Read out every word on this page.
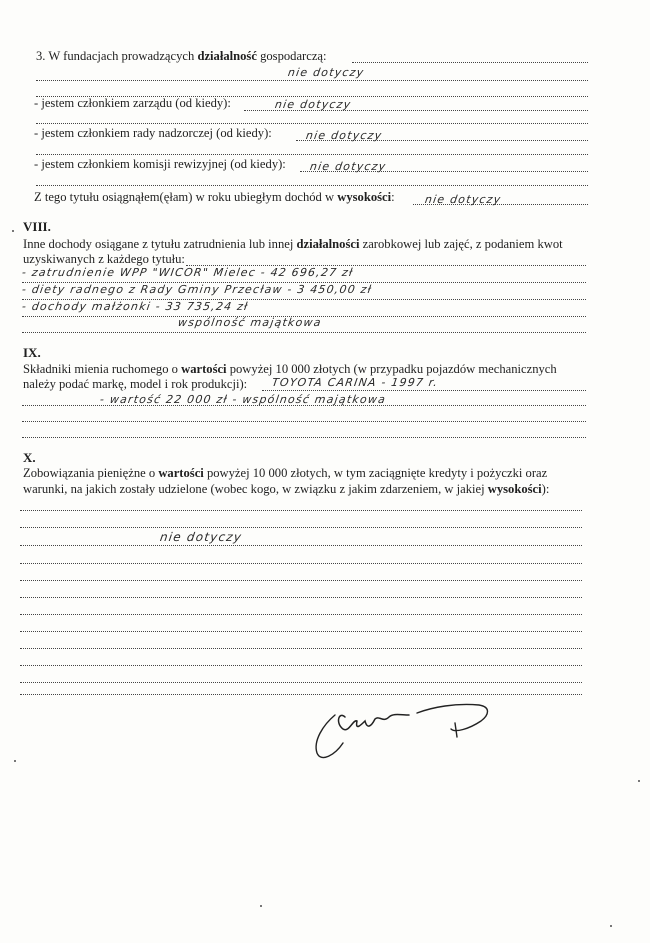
3. W fundacjach prowadzących działalność gospodarczą:
nie dotyczy
- jestem członkiem zarządu (od kiedy):	nie dotyczy
- jestem członkiem rady nadzorczej (od kiedy):	nie dotyczy
- jestem członkiem komisji rewizyjnej (od kiedy): nie dotyczy
Z tego tytułu osiągnąłem(ęłam) w roku ubiegłym dochód w wysokości:	nie dotyczy
VIII.
Inne dochody osiągane z tytułu zatrudnienia lub innej działalności zarobkowej lub zajęć, z podaniem kwot
uzyskiwanych z każdego tytułu:
- zatrudnienie WPP "WICOR" Mielec - 42 696,27 zł
- diety radnego z Rady Gminy Przecław - 3 450,00 zł
- dochody małżonki - 33 735,24 zł
wspólność majątkowa
IX.
Składniki mienia ruchomego o wartości powyżej 10 000 złotych (w przypadku pojazdów mechanicznych
należy podać markę, model i rok produkcji): TOYOTA CARINA - 1997 r.
- wartość 22 000 zł - wspólność majątkowa
X.
Zobowiązania pieniężne o wartości powyżej 10 000 złotych, w tym zaciągnięte kredyty i pożyczki oraz
warunki, na jakich zostały udzielone (wobec kogo, w związku z jakim zdarzeniem, w jakiej wysokości):
nie dotyczy
